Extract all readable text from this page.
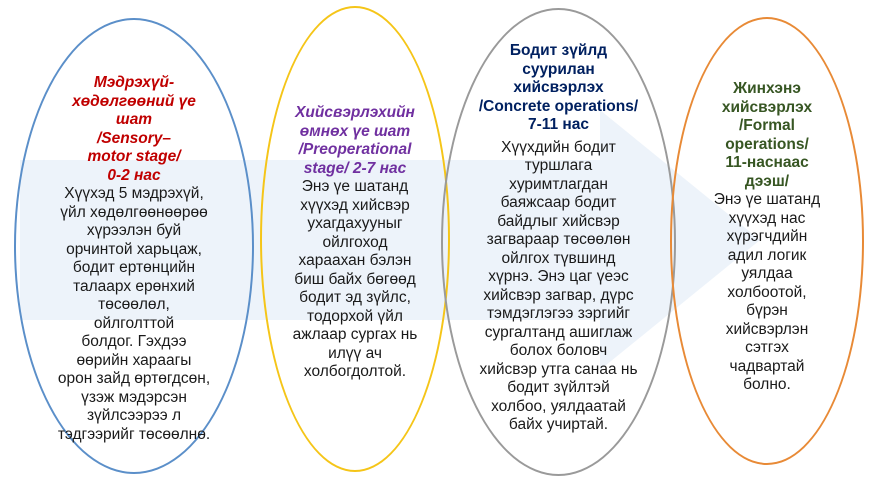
Мэдрэхүй-
хөдөлгөөний үе
шат
/Sensory–
motor stage/
0-2 нас
Хүүхэд 5 мэдрэхүй,
үйл хөдөлгөөнөөрөө
хүрээлэн буй
орчинтой харьцаж,
бодит ертөнцийн
талаарх ерөнхий
төсөөлөл,
ойлголттой
болдог. Гэхдээ
өөрийн хараагы
орон зайд өртөгдсөн,
үзэж мэдэрсэн
зүйлсээрээ л
тэдгээрийг төсөөлнө.
Хийсвэрлэхийн
өмнөх үе шат
/Preoperational
stage/ 2-7 нас
Энэ үе шатанд
хүүхэд хийсвэр
ухагдахууныг
ойлгоход
хараахан бэлэн
биш байх бөгөөд
бодит эд зүйлс,
тодорхой үйл
ажлаар сургах нь
илүү ач
холбогдолтой.
Бодит зүйлд
суурилан
хийсвэрлэх
/Concrete operations/
7-11 нас
Хүүхдийн бодит
туршлага
хуримтлагдан
баяжсаар бодит
байдлыг хийсвэр
загвараар төсөөлөн
ойлгох түвшинд
хүрнэ. Энэ цаг үеэс
хийсвэр загвар, дүрс
тэмдэглэгээ зэргийг
сургалтанд ашиглаж
болох боловч
хийсвэр утга санаа нь
бодит зүйлтэй
холбоо, уялдаатай
байх учиртай.
Жинхэнэ
хийсвэрлэх
/Formal
operations/
11-наснаас
дээш/
Энэ үе шатанд
хүүхэд нас
хүрэгчдийн
адил логик
уялдаа
холбоотой,
бүрэн
хийсвэрлэн
сэтгэх
чадвартай
болно.
